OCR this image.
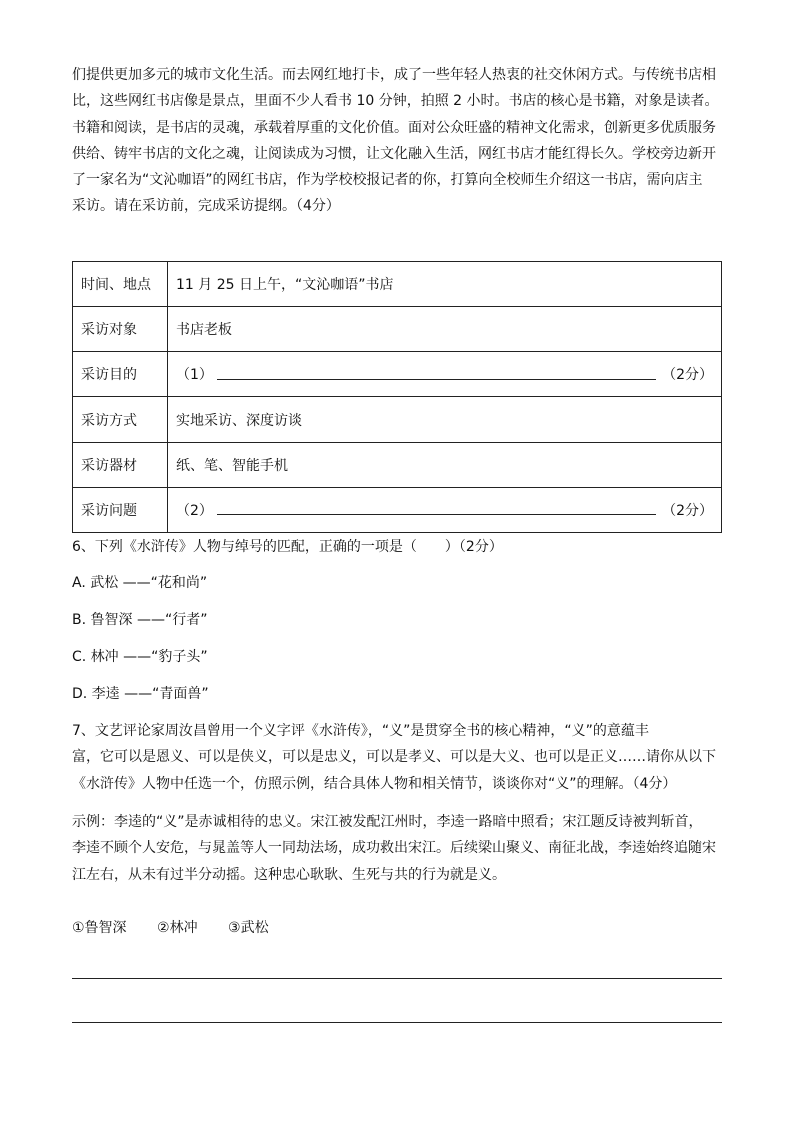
们提供更加多元的城市文化生活。而去网红地打卡，成了一些年轻人热衷的社交休闲方式。与传统书店相

比，这些网红书店像是景点，里面不少人看书 10 分钟，拍照 2 小时。书店的核心是书籍，对象是读者。

书籍和阅读，是书店的灵魂，承载着厚重的文化价值。面对公众旺盛的精神文化需求，创新更多优质服务

供给、铸牢书店的文化之魂，让阅读成为习惯，让文化融入生活，网红书店才能红得长久。学校旁边新开

了一家名为“文沁咖语”的网红书店，作为学校校报记者的你，打算向全校师生介绍这一书店，需向店主

采访。请在采访前，完成采访提纲。（4分）

时间、地点	11 月 25 日上午，“文沁咖语”书店
采访对象	书店老板
采访目的	（1） （2分）

采访方式	实地采访、深度访谈
采访器材	纸、笔、智能手机
采访问题	（2） （2分）

6、下列《水浒传》人物与绰号的匹配，正确的一项是（　　）（2分）

A. 武松 ——“花和尚”

B. 鲁智深 ——“行者”

C. 林冲 ——“豹子头”

D. 李逵 ——“青面兽”

7、文艺评论家周汝昌曾用一个义字评《水浒传》，“义”是贯穿全书的核心精神，“义”的意蕴丰

富，它可以是恩义、可以是侠义，可以是忠义，可以是孝义、可以是大义、也可以是正义……请你从以下

《水浒传》人物中任选一个，仿照示例，结合具体人物和相关情节，谈谈你对“义”的理解。（4分）

示例：李逵的“义”是赤诚相待的忠义。宋江被发配江州时，李逵一路暗中照看；宋江题反诗被判斩首，

李逵不顾个人安危，与晁盖等人一同劫法场，成功救出宋江。后续梁山聚义、南征北战，李逵始终追随宋

江左右，从未有过半分动摇。这种忠心耿耿、生死与共的行为就是义。

①鲁智深 ②林冲 ③武松
